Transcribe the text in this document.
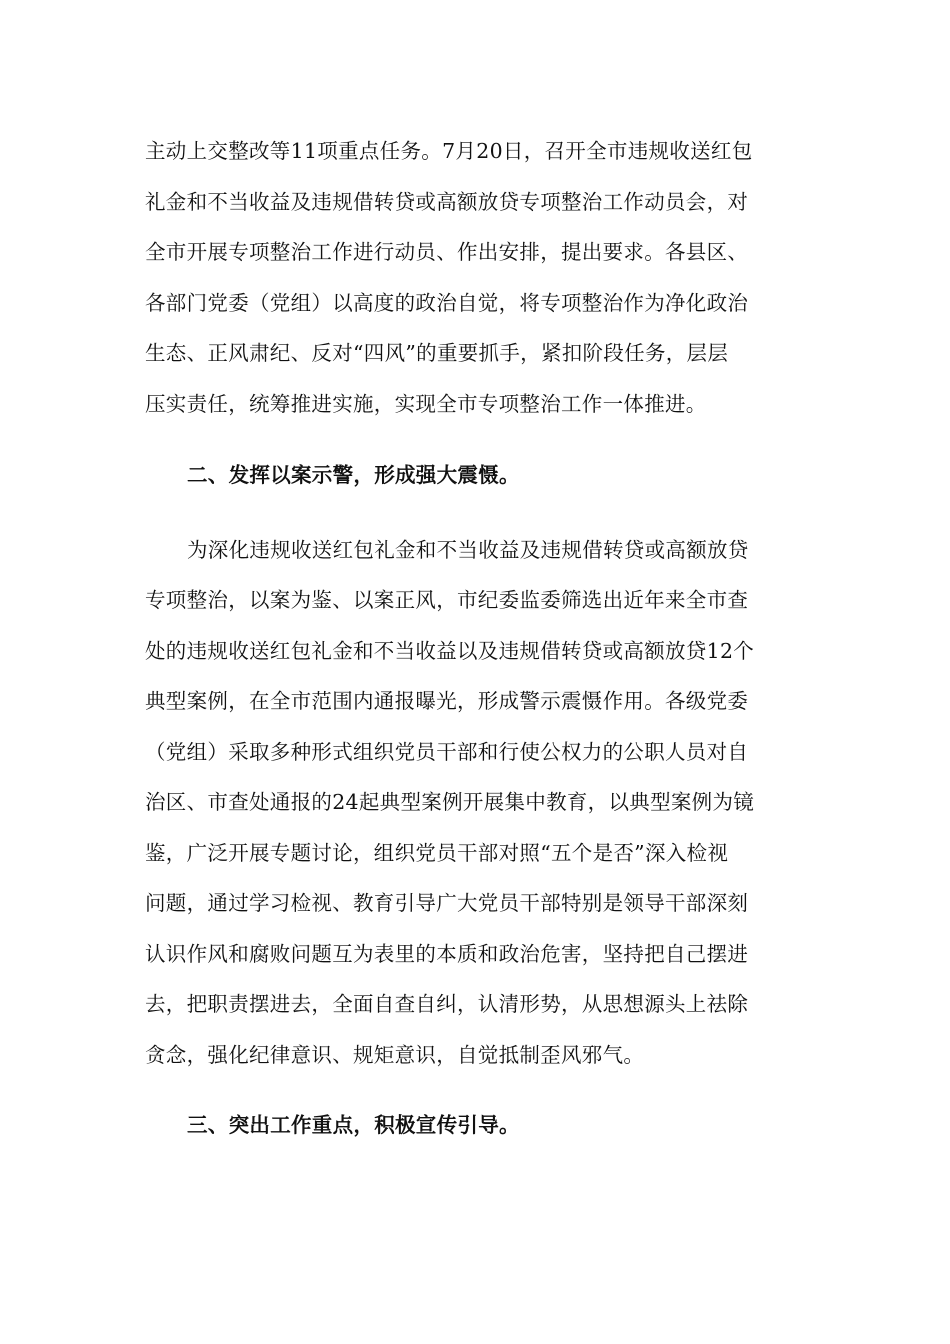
主动上交整改等11项重点任务。7月20日，召开全市违规收送红包
礼金和不当收益及违规借转贷或高额放贷专项整治工作动员会，对
全市开展专项整治工作进行动员、作出安排，提出要求。各县区、
各部门党委（党组）以高度的政治自觉，将专项整治作为净化政治
生态、正风肃纪、反对“四风”的重要抓手，紧扣阶段任务，层层
压实责任，统筹推进实施，实现全市专项整治工作一体推进。
二、发挥以案示警，形成强大震慑。
为深化违规收送红包礼金和不当收益及违规借转贷或高额放贷
专项整治，以案为鉴、以案正风，市纪委监委筛选出近年来全市查
处的违规收送红包礼金和不当收益以及违规借转贷或高额放贷12个
典型案例，在全市范围内通报曝光，形成警示震慑作用。各级党委
（党组）采取多种形式组织党员干部和行使公权力的公职人员对自
治区、市查处通报的24起典型案例开展集中教育，以典型案例为镜
鉴，广泛开展专题讨论，组织党员干部对照“五个是否”深入检视
问题，通过学习检视、教育引导广大党员干部特别是领导干部深刻
认识作风和腐败问题互为表里的本质和政治危害，坚持把自己摆进
去，把职责摆进去，全面自查自纠，认清形势，从思想源头上祛除
贪念，强化纪律意识、规矩意识，自觉抵制歪风邪气。
三、突出工作重点，积极宣传引导。
